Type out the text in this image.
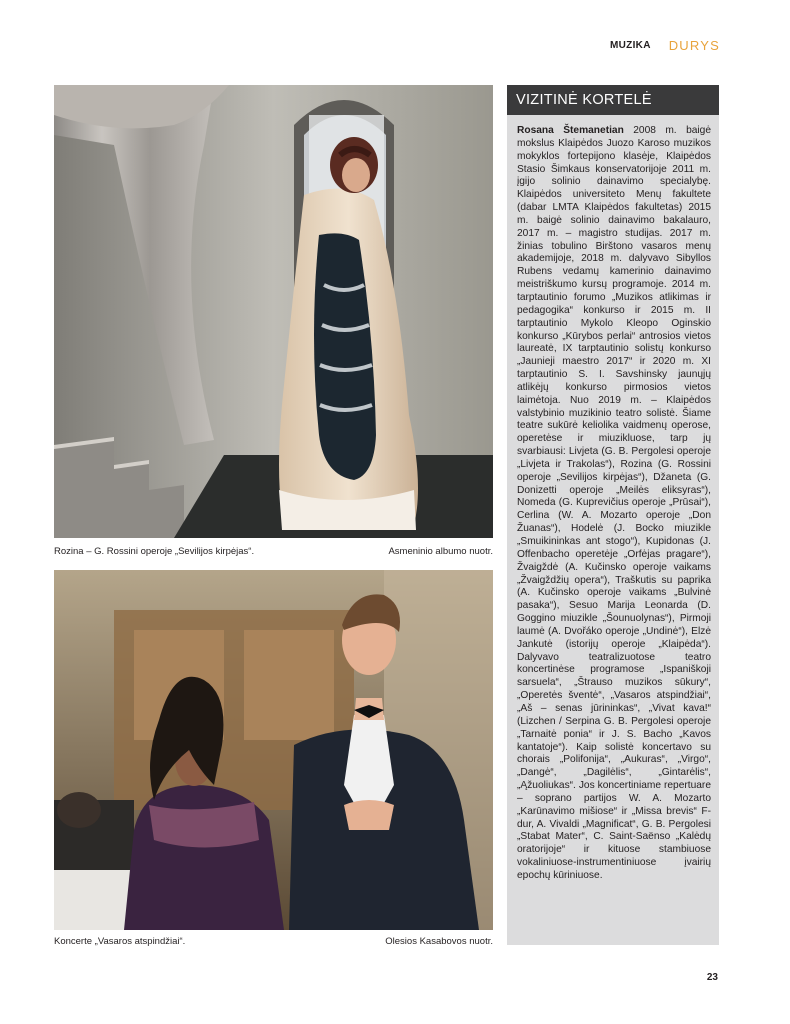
MUZIKA DURYS
Rozina – G. Rossini operoje „Sevilijos kirpėjas“.	Asmeninio albumo nuotr.
Koncerte „Vasaros atspindžiai“.	Olesios Kasabovos nuotr.
VIZITINĖ KORTELĖ

Rosana Štemanetian 2008 m. baigė mokslus Klaipėdos Juozo Karoso muzikos mokyklos fortepijono klasėje, Klaipėdos Stasio Šimkaus konservatorijoje 2011 m. įgijo solinio dainavimo specialybę. Klaipėdos universiteto Menų fakultete (dabar LMTA Klaipėdos fakultetas) 2015 m. baigė solinio dainavimo bakalauro, 2017 m. – magistro studijas. 2017 m. žinias tobulino Birštono vasaros menų akademijoje, 2018 m. dalyvavo Sibyllos Rubens vedamų kamerinio dainavimo meistriškumo kursų programoje. 2014 m. tarptautinio forumo „Muzikos atlikimas ir pedagogika“ konkurso ir 2015 m. II tarptautinio Mykolo Kleopo Oginskio konkurso „Kūrybos perlai“ antrosios vietos laureatė, IX tarptautinio solistų konkurso „Jaunieji maestro 2017“ ir 2020 m. XI tarptautinio S. I. Savshinsky jaunųjų atlikėjų konkurso pirmosios vietos laimėtoja. Nuo 2019 m. – Klaipėdos valstybinio muzikinio teatro solistė. Šiame teatre sukūrė keliolika vaidmenų operose, operetėse ir miuzikluose, tarp jų svarbiausi: Livjeta (G. B. Pergolesi operoje „Livjeta ir Trakolas“), Rozina (G. Rossini operoje „Sevilijos kirpėjas“), Džaneta (G. Donizetti operoje „Meilės eliksyras“), Nomeda (G. Kuprevičius operoje „Prūsai“), Cerlina (W. A. Mozarto operoje „Don Žuanas“), Hodelė (J. Bocko miuzikle „Smuikininkas ant stogo“), Kupidonas (J. Offenbacho operetėje „Orfėjas pragare“), Žvaigždė (A. Kučinsko operoje vaikams „Žvaigždžių opera“), Traškutis su paprika (A. Kučinsko operoje vaikams „Bulvinė pasaka“), Sesuo Marija Leonarda (D. Goggino miuzikle „Šounuolynas“), Pirmoji laumė (A. Dvořáko operoje „Undinė“), Elzė Jankutė (istorijų operoje „Klaipėda“). Dalyvavo teatralizuotose teatro koncertinėse programose „Ispaniškoji sarsuela“, „Štrauso muzikos sūkury“, „Operetės šventė“, „Vasaros atspindžiai“, „Aš – senas jūrininkas“, „Vivat kava!“ (Lizchen / Serpina G. B. Pergolesi operoje „Tarnaitė ponia“ ir J. S. Bacho „Kavos kantatoje“). Kaip solistė koncertavo su chorais „Polifonija“, „Aukuras“, „Virgo“, „Dangė“, „Dagilėlis“, „Gintarėlis“, „Ąžuoliukas“. Jos koncertiniame repertuare – soprano partijos W. A. Mozarto „Karūnavimo mišiose“ ir „Missa brevis“ F-dur, A. Vivaldi „Magnificat“, G. B. Pergolesi „Stabat Mater“, C. Saint-Saënso „Kalėdų oratorijoje“ ir kituose stambiuose vokaliniuose-instrumentiniuose įvairių epochų kūriniuose.

23
